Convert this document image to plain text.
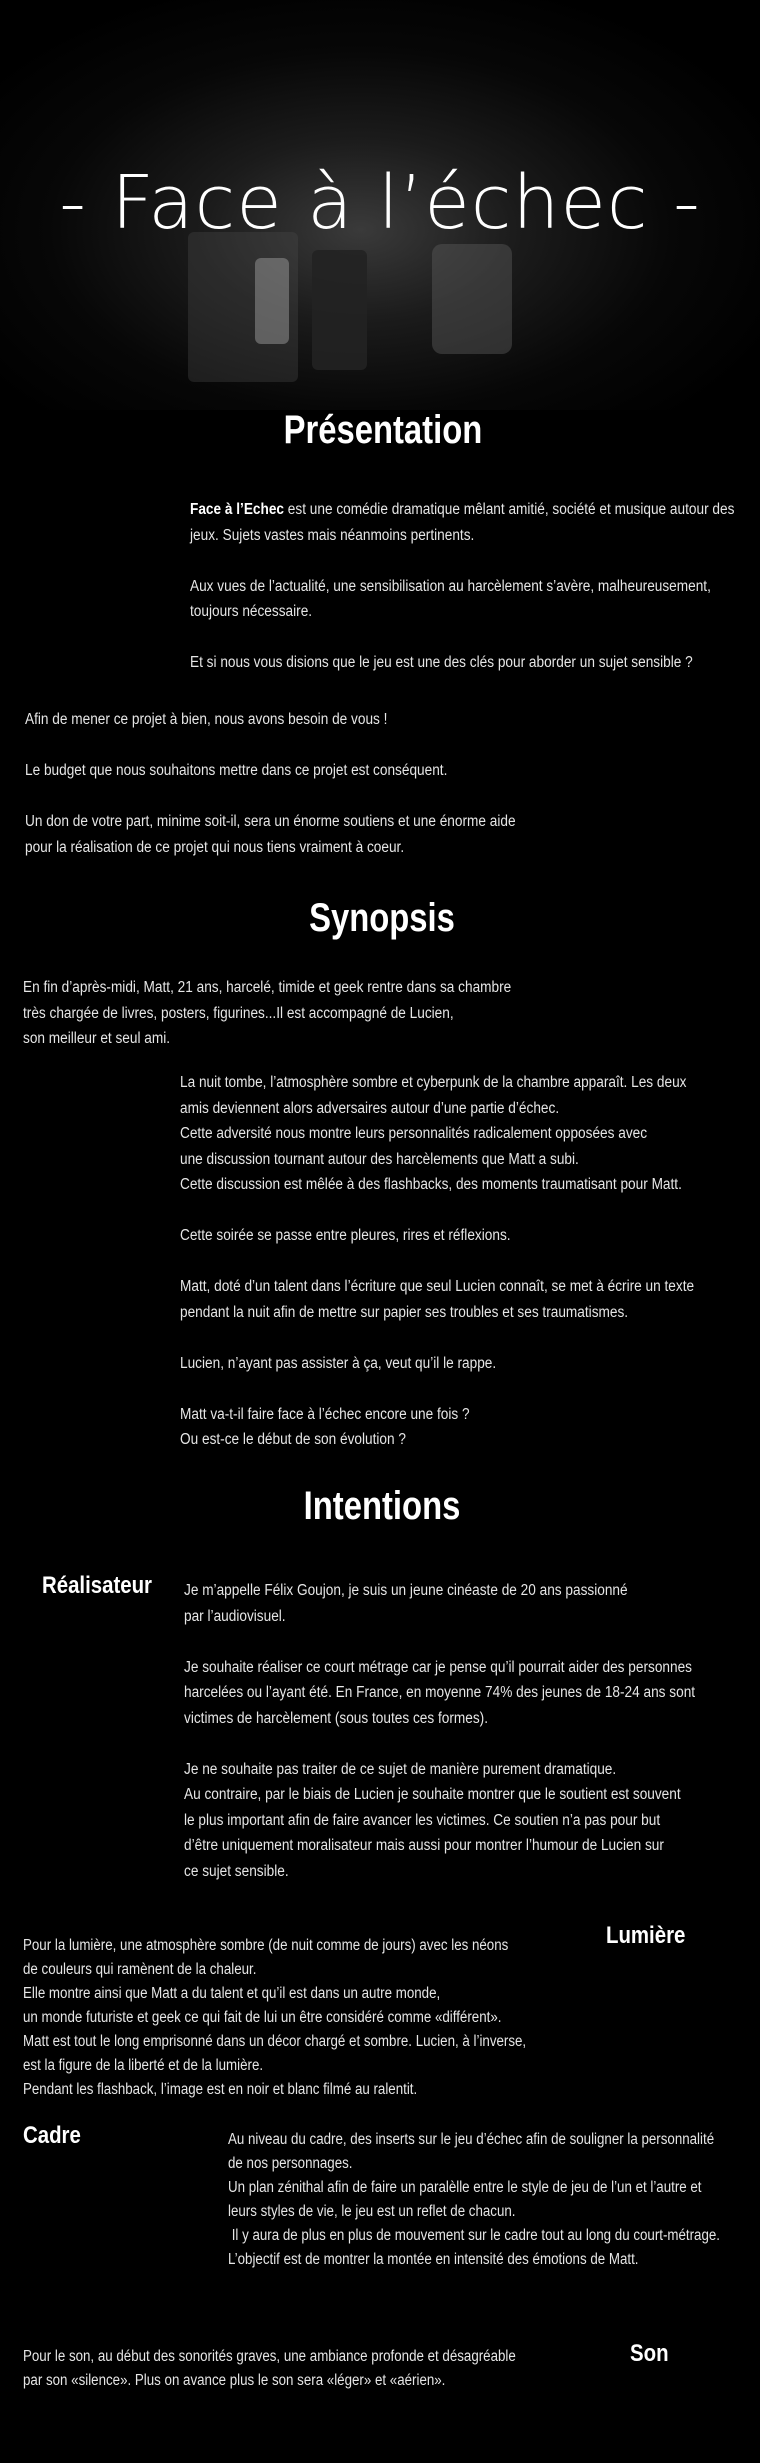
- Face à l’échec -
Présentation
Face à l’Echec est une comédie dramatique mêlant amitié, société et musique autour des jeux. Sujets vastes mais néanmoins pertinents.
Aux vues de l’actualité, une sensibilisation au harcèlement s’avère, malheureusement, toujours nécessaire.
Et si nous vous disions que le jeu est une des clés pour aborder un sujet sensible ?
Afin de mener ce projet à bien, nous avons besoin de vous !
Le budget que nous souhaitons mettre dans ce projet est conséquent.
Un don de votre part, minime soit-il, sera un énorme soutiens et une énorme aide
pour la réalisation de ce projet qui nous tiens vraiment à coeur.
Synopsis
En fin d’après-midi, Matt, 21 ans, harcelé, timide et geek rentre dans sa chambre
très chargée de livres, posters, figurines...Il est accompagné de Lucien,
son meilleur et seul ami.
La nuit tombe, l’atmosphère sombre et cyberpunk de la chambre apparaît. Les deux
amis deviennent alors adversaires autour d’une partie d’échec.
Cette adversité nous montre leurs personnalités radicalement opposées avec
une discussion tournant autour des harcèlements que Matt a subi.
Cette discussion est mêlée à des flashbacks, des moments traumatisant pour Matt.
Cette soirée se passe entre pleures, rires et réflexions.
Matt, doté d’un talent dans l’écriture que seul Lucien connaît, se met à écrire un texte
pendant la nuit afin de mettre sur papier ses troubles et ses traumatismes.
Lucien, n’ayant pas assister à ça, veut qu’il le rappe.
Matt va-t-il faire face à l’échec encore une fois ?
Ou est-ce le début de son évolution ?
Intentions
Réalisateur Je m’appelle Félix Goujon, je suis un jeune cinéaste de 20 ans passionné
par l’audiovisuel.
Je souhaite réaliser ce court métrage car je pense qu’il pourrait aider des personnes
harcelées ou l’ayant été. En France, en moyenne 74% des jeunes de 18-24 ans sont
victimes de harcèlement (sous toutes ces formes).
Je ne souhaite pas traiter de ce sujet de manière purement dramatique.
Au contraire, par le biais de Lucien je souhaite montrer que le soutient est souvent
le plus important afin de faire avancer les victimes. Ce soutien n’a pas pour but
d’être uniquement moralisateur mais aussi pour montrer l’humour de Lucien sur
ce sujet sensible.
Lumière
Pour la lumière, une atmosphère sombre (de nuit comme de jours) avec les néons
de couleurs qui ramènent de la chaleur.
Elle montre ainsi que Matt a du talent et qu’il est dans un autre monde,
un monde futuriste et geek ce qui fait de lui un être considéré comme «différent».
Matt est tout le long emprisonné dans un décor chargé et sombre. Lucien, à l’inverse,
est la figure de la liberté et de la lumière.
Pendant les flashback, l’image est en noir et blanc filmé au ralentit.
Cadre	Au niveau du cadre, des inserts sur le jeu d’échec afin de souligner la personnalité
de nos personnages.
Un plan zénithal afin de faire un paralèlle entre le style de jeu de l’un et l’autre et
leurs styles de vie, le jeu est un reflet de chacun.
Il y aura de plus en plus de mouvement sur le cadre tout au long du court-métrage.
L’objectif est de montrer la montée en intensité des émotions de Matt.
Son
Pour le son, au début des sonorités graves, une ambiance profonde et désagréable
par son «silence». Plus on avance plus le son sera «léger» et «aérien».
